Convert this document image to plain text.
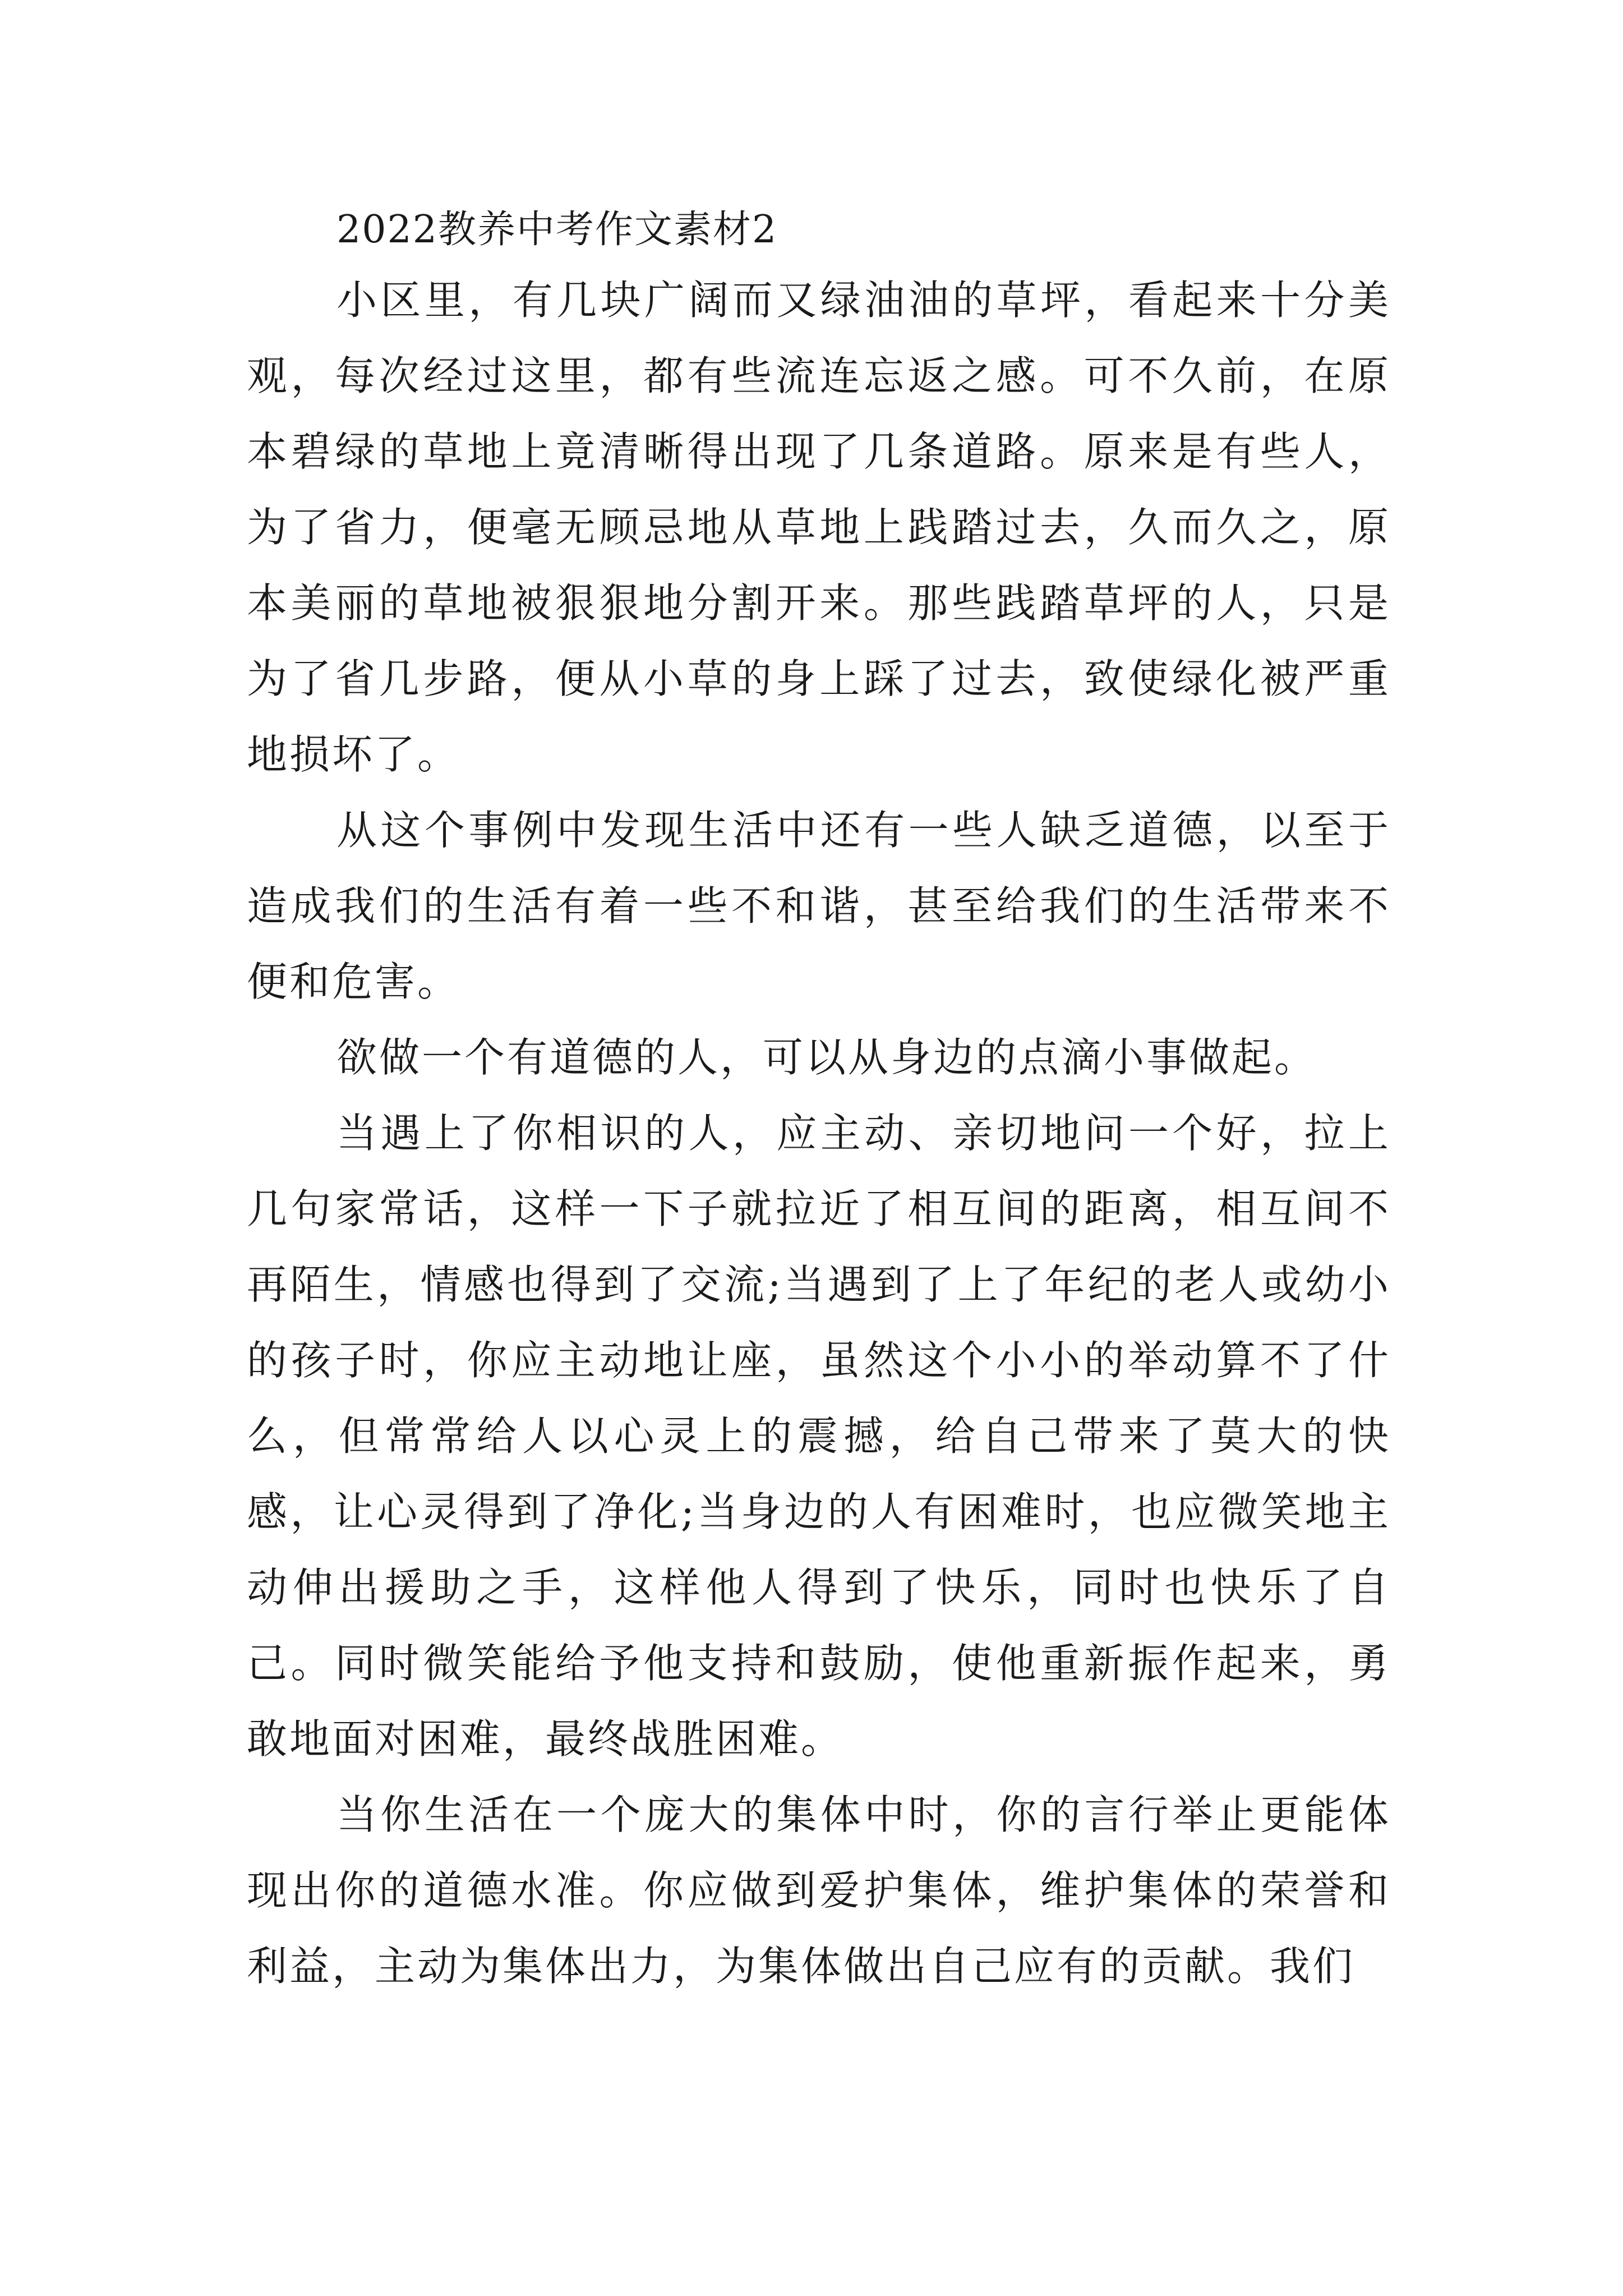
2022教养中考作文素材2

小区里，有几块广阔而又绿油油的草坪，看起来十分美观，每次经过这里，都有些流连忘返之感。可不久前，在原本碧绿的草地上竟清晰得出现了几条道路。原来是有些人，为了省力，便毫无顾忌地从草地上践踏过去，久而久之，原本美丽的草地被狠狠地分割开来。那些践踏草坪的人，只是为了省几步路，便从小草的身上踩了过去，致使绿化被严重地损坏了。

从这个事例中发现生活中还有一些人缺乏道德，以至于造成我们的生活有着一些不和谐，甚至给我们的生活带来不便和危害。

欲做一个有道德的人，可以从身边的点滴小事做起。

当遇上了你相识的人，应主动、亲切地问一个好，拉上几句家常话，这样一下子就拉近了相互间的距离，相互间不再陌生，情感也得到了交流;当遇到了上了年纪的老人或幼小的孩子时，你应主动地让座，虽然这个小小的举动算不了什么，但常常给人以心灵上的震撼，给自己带来了莫大的快感，让心灵得到了净化;当身边的人有困难时，也应微笑地主动伸出援助之手，这样他人得到了快乐，同时也快乐了自己。同时微笑能给予他支持和鼓励，使他重新振作起来，勇敢地面对困难，最终战胜困难。

当你生活在一个庞大的集体中时，你的言行举止更能体现出你的道德水准。你应做到爱护集体，维护集体的荣誉和利益，主动为集体出力，为集体做出自己应有的贡献。我们
